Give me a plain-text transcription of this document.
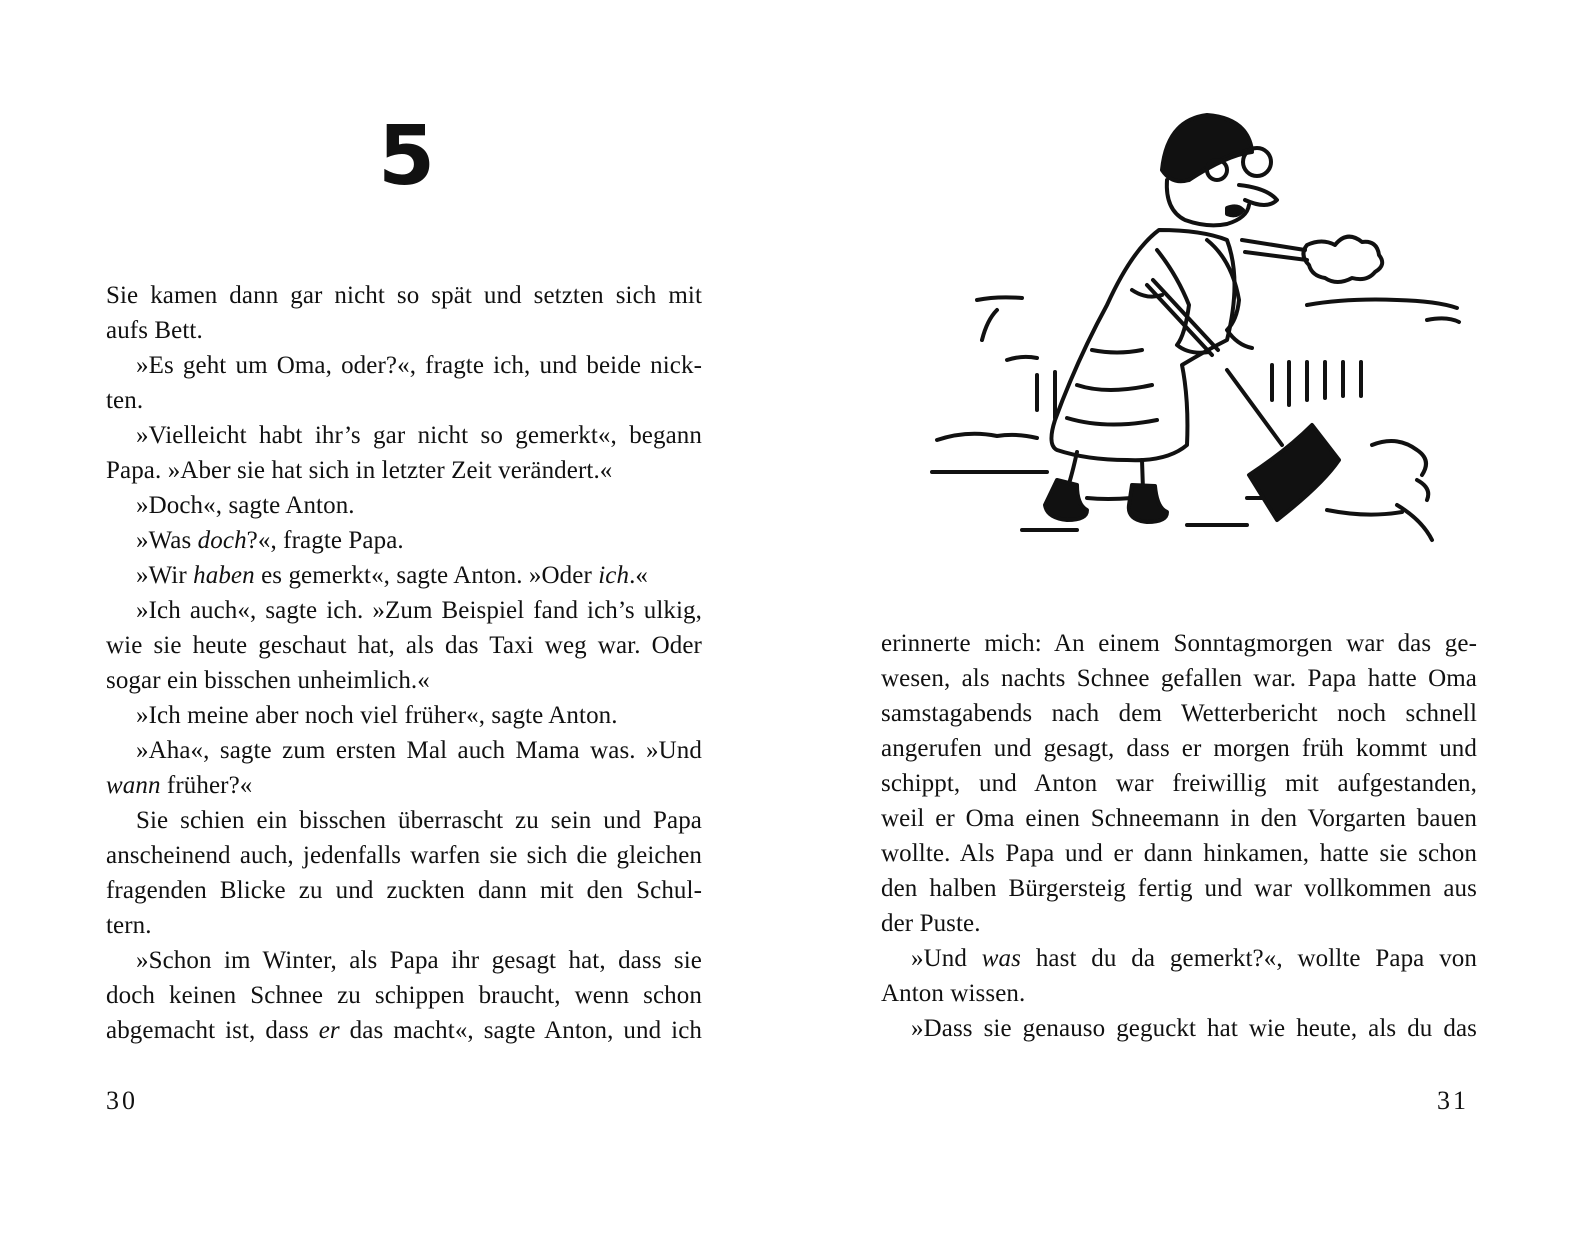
5
Sie kamen dann gar nicht so spät und setzten sich mit
aufs Bett.
»Es geht um Oma, oder?«, fragte ich, und beide nick-
ten.
»Vielleicht habt ihr’s gar nicht so gemerkt«, begann
Papa. »Aber sie hat sich in letzter Zeit verändert.«
»Doch«, sagte Anton.
»Was doch?«, fragte Papa.
»Wir haben es gemerkt«, sagte Anton. »Oder ich.«
»Ich auch«, sagte ich. »Zum Beispiel fand ich’s ulkig,
wie sie heute geschaut hat, als das Taxi weg war. Oder
sogar ein bisschen unheimlich.«
»Ich meine aber noch viel früher«, sagte Anton.
»Aha«, sagte zum ersten Mal auch Mama was. »Und
wann früher?«
Sie schien ein bisschen überrascht zu sein und Papa
anscheinend auch, jedenfalls warfen sie sich die gleichen
fragenden Blicke zu und zuckten dann mit den Schul-
tern.
»Schon im Winter, als Papa ihr gesagt hat, dass sie
doch keinen Schnee zu schippen braucht, wenn schon
abgemacht ist, dass er das macht«, sagte Anton, und ich
30
erinnerte mich: An einem Sonntagmorgen war das ge-
wesen, als nachts Schnee gefallen war. Papa hatte Oma
samstagabends nach dem Wetterbericht noch schnell
angerufen und gesagt, dass er morgen früh kommt und
schippt, und Anton war freiwillig mit aufgestanden,
weil er Oma einen Schneemann in den Vorgarten bauen
wollte. Als Papa und er dann hinkamen, hatte sie schon
den halben Bürgersteig fertig und war vollkommen aus
der Puste.
»Und was hast du da gemerkt?«, wollte Papa von
Anton wissen.
»Dass sie genauso geguckt hat wie heute, als du das
31
